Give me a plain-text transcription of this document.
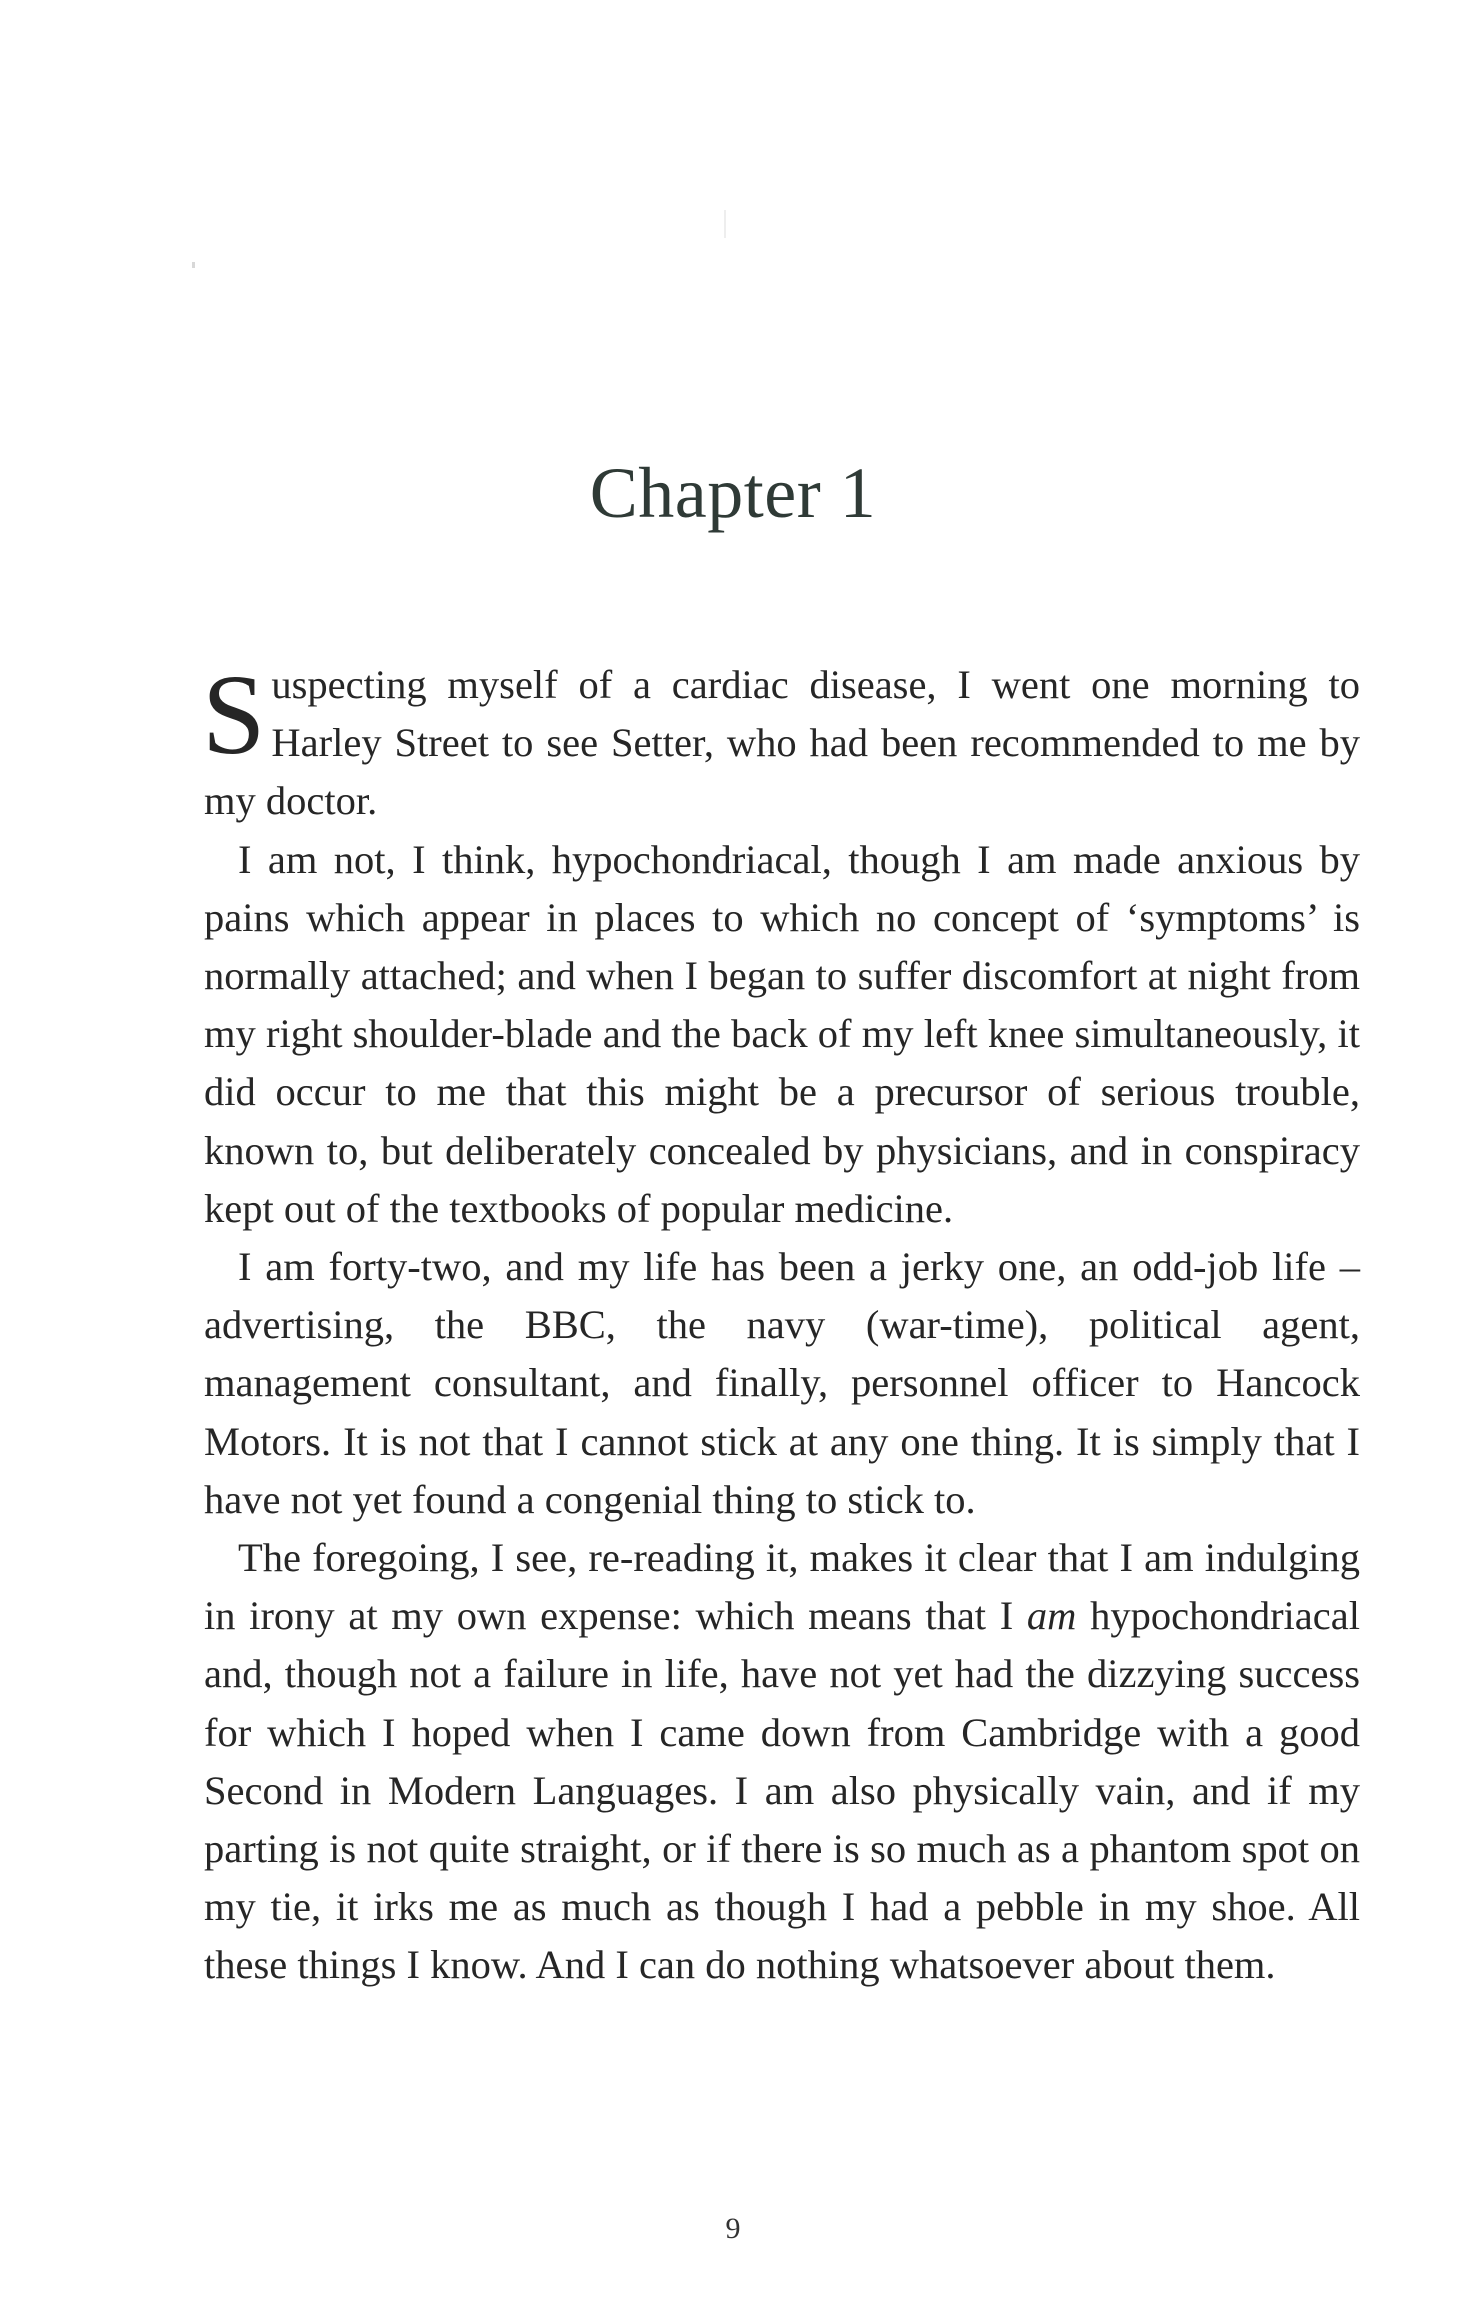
Chapter 1

Suspecting myself of a cardiac disease, I went one morning to Harley Street to see Setter, who had been recommended to me by my doctor.

I am not, I think, hypochondriacal, though I am made anxious by pains which appear in places to which no concept of ‘symptoms’ is normally attached; and when I began to suffer discomfort at night from my right shoulder-blade and the back of my left knee simultaneously, it did occur to me that this might be a precursor of serious trouble, known to, but deliberately concealed by physicians, and in conspiracy kept out of the textbooks of popular medicine.

I am forty-two, and my life has been a jerky one, an odd-job life – advertising, the BBC, the navy (war-time), political agent, management consultant, and finally, personnel officer to Hancock Motors. It is not that I cannot stick at any one thing. It is simply that I have not yet found a congenial thing to stick to.

The foregoing, I see, re-reading it, makes it clear that I am indulging in irony at my own expense: which means that I am hypochondriacal and, though not a failure in life, have not yet had the dizzying success for which I hoped when I came down from Cambridge with a good Second in Modern Languages. I am also physically vain, and if my parting is not quite straight, or if there is so much as a phantom spot on my tie, it irks me as much as though I had a pebble in my shoe. All these things I know. And I can do nothing whatsoever about them.

9
